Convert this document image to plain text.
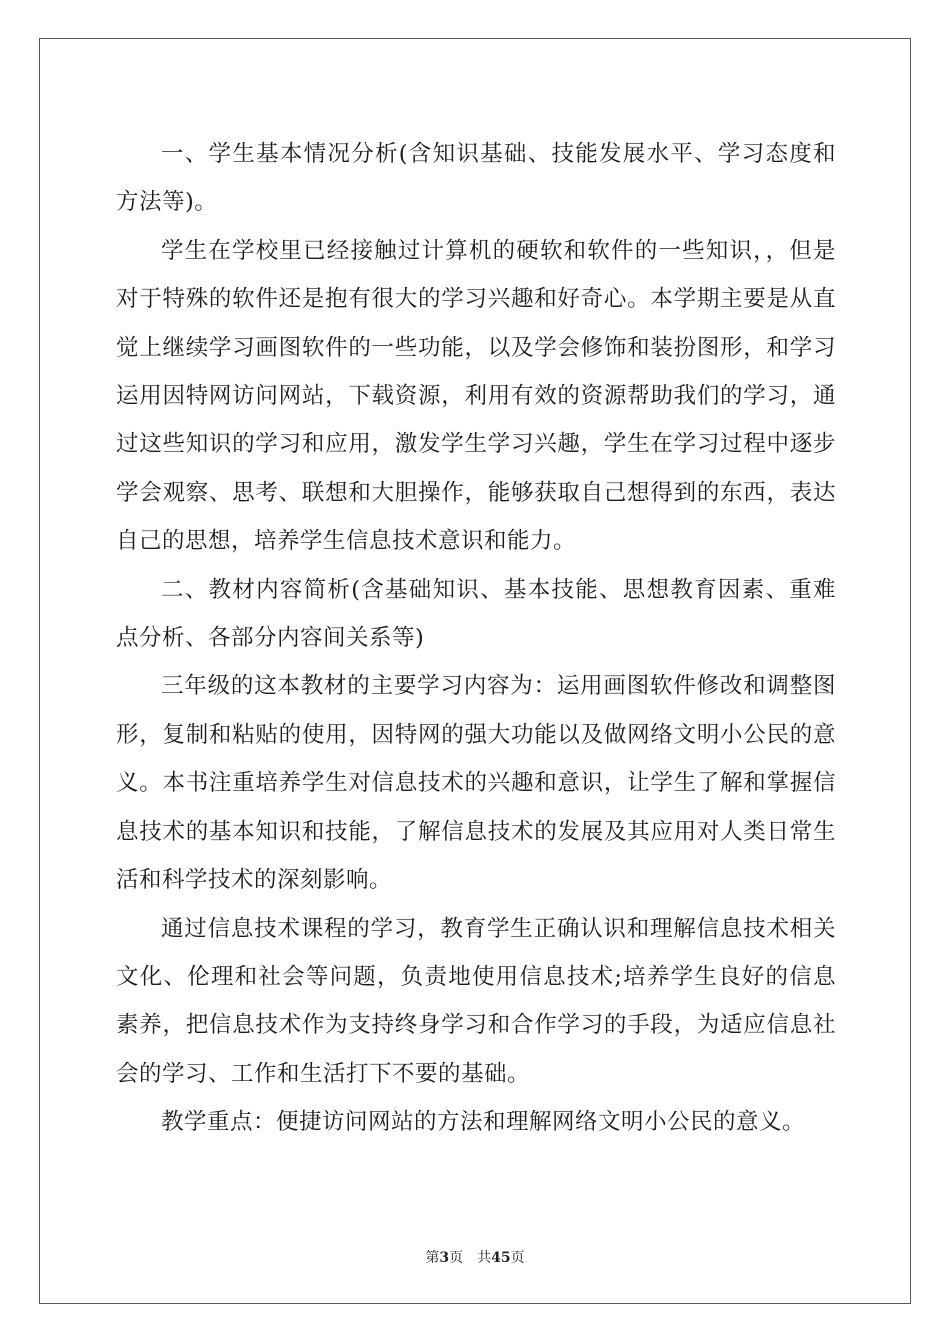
一、学生基本情况分析(含知识基础、技能发展水平、学习态度和方法等)。

学生在学校里已经接触过计算机的硬软和软件的一些知识，，但是对于特殊的软件还是抱有很大的学习兴趣和好奇心。本学期主要是从直觉上继续学习画图软件的一些功能，以及学会修饰和装扮图形，和学习运用因特网访问网站，下载资源，利用有效的资源帮助我们的学习，通过这些知识的学习和应用，激发学生学习兴趣，学生在学习过程中逐步学会观察、思考、联想和大胆操作，能够获取自己想得到的东西，表达自己的思想，培养学生信息技术意识和能力。

二、教材内容简析(含基础知识、基本技能、思想教育因素、重难点分析、各部分内容间关系等)

三年级的这本教材的主要学习内容为：运用画图软件修改和调整图形，复制和粘贴的使用，因特网的强大功能以及做网络文明小公民的意义。本书注重培养学生对信息技术的兴趣和意识，让学生了解和掌握信息技术的基本知识和技能，了解信息技术的发展及其应用对人类日常生活和科学技术的深刻影响。

通过信息技术课程的学习，教育学生正确认识和理解信息技术相关文化、伦理和社会等问题，负责地使用信息技术;培养学生良好的信息素养，把信息技术作为支持终身学习和合作学习的手段，为适应信息社会的学习、工作和生活打下不要的基础。

教学重点：便捷访问网站的方法和理解网络文明小公民的意义。

第3页 共45页
